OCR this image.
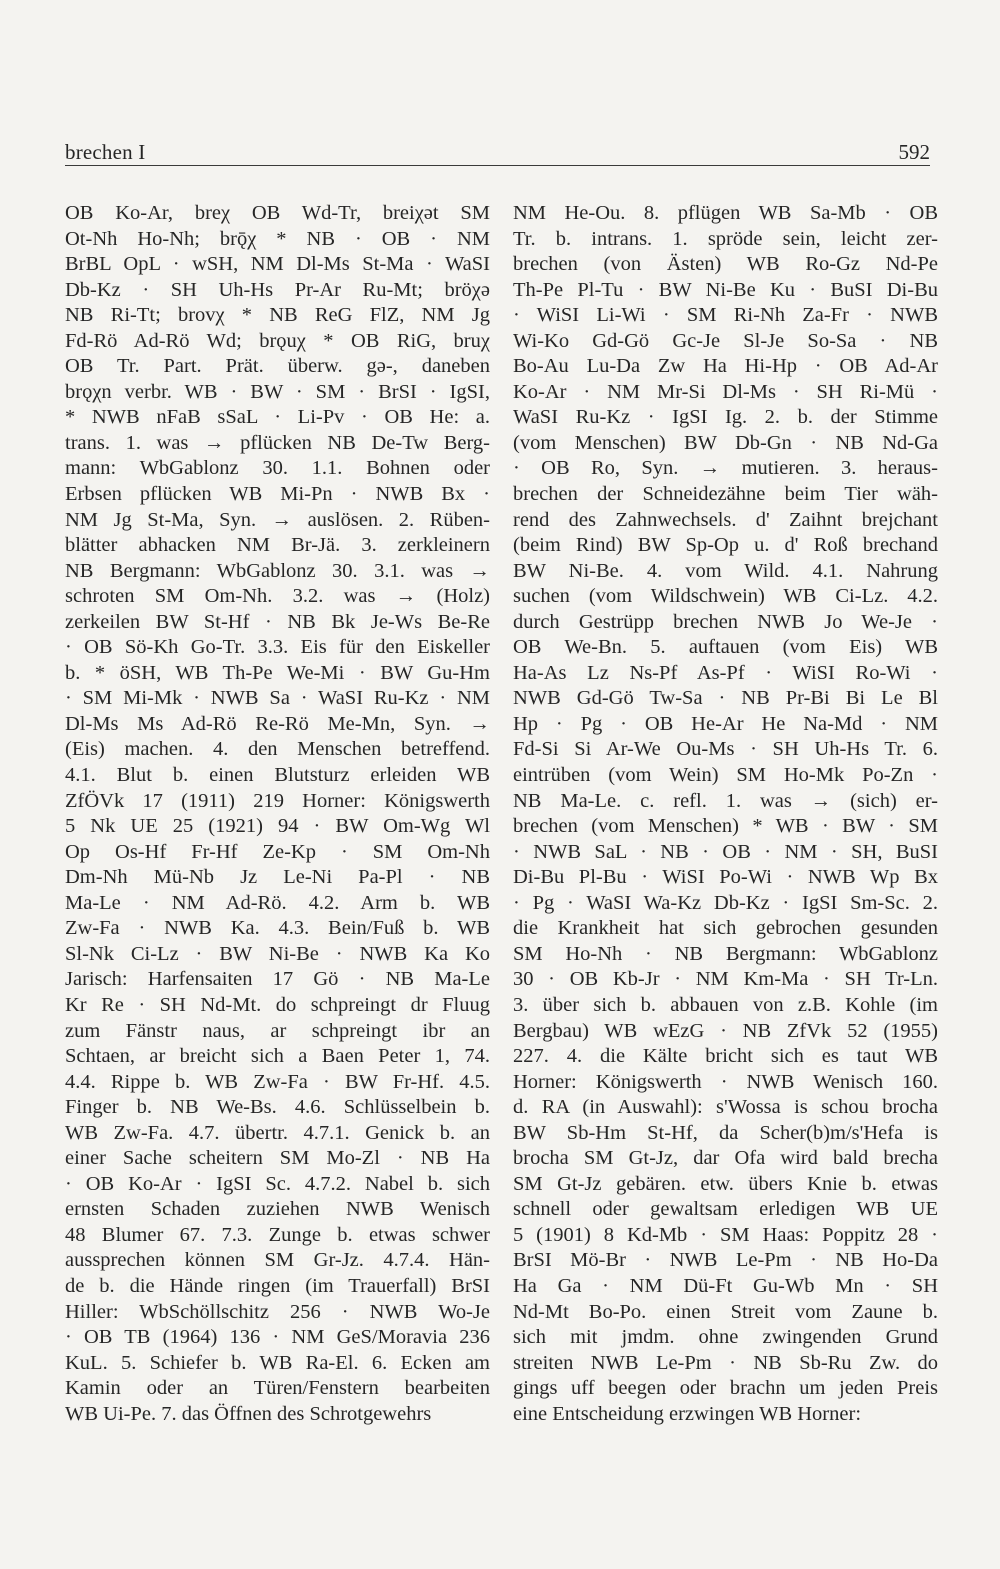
brechen I	592
OB Ko-Ar, breχ OB Wd-Tr, breiχət SM
Ot-Nh Ho-Nh; brǭχ * NB · OB · NM
BrBL OpL · wSH, NM Dl-Ms St-Ma · WaSI
Db-Kz · SH Uh-Hs Pr-Ar Ru-Mt; bröχə
NB Ri-Tt; brovχ * NB ReG FlZ, NM Jg
Fd-Rö Ad-Rö Wd; brǫuχ * OB RiG, bruχ
OB Tr. Part. Prät. überw. gə-, daneben
brǫχn verbr. WB · BW · SM · BrSI · IgSI,
* NWB nFaB sSaL · Li-Pv · OB He: a.
trans. 1. was → pflücken NB De-Tw Berg-
mann: WbGablonz 30. 1.1. Bohnen oder
Erbsen pflücken WB Mi-Pn · NWB Bx ·
NM Jg St-Ma, Syn. → auslösen. 2. Rüben-
blätter abhacken NM Br-Jä. 3. zerkleinern
NB Bergmann: WbGablonz 30. 3.1. was →
schroten SM Om-Nh. 3.2. was → (Holz)
zerkeilen BW St-Hf · NB Bk Je-Ws Be-Re
· OB Sö-Kh Go-Tr. 3.3. Eis für den Eiskeller
b. * öSH, WB Th-Pe We-Mi · BW Gu-Hm
· SM Mi-Mk · NWB Sa · WaSI Ru-Kz · NM
Dl-Ms Ms Ad-Rö Re-Rö Me-Mn, Syn. →
(Eis) machen. 4. den Menschen betreffend.
4.1. Blut b. einen Blutsturz erleiden WB
ZfÖVk 17 (1911) 219 Horner: Königswerth
5 Nk UE 25 (1921) 94 · BW Om-Wg Wl
Op Os-Hf Fr-Hf Ze-Kp · SM Om-Nh
Dm-Nh Mü-Nb Jz Le-Ni Pa-Pl · NB
Ma-Le · NM Ad-Rö. 4.2. Arm b. WB
Zw-Fa · NWB Ka. 4.3. Bein/Fuß b. WB
Sl-Nk Ci-Lz · BW Ni-Be · NWB Ka Ko
Jarisch: Harfensaiten 17 Gö · NB Ma-Le
Kr Re · SH Nd-Mt. do schpreingt dr Fluug
zum Fänstr naus, ar schpreingt ibr an
Schtaen, ar breicht sich a Baen Peter 1, 74.
4.4. Rippe b. WB Zw-Fa · BW Fr-Hf. 4.5.
Finger b. NB We-Bs. 4.6. Schlüsselbein b.
WB Zw-Fa. 4.7. übertr. 4.7.1. Genick b. an
einer Sache scheitern SM Mo-Zl · NB Ha
· OB Ko-Ar · IgSI Sc. 4.7.2. Nabel b. sich
ernsten Schaden zuziehen NWB Wenisch
48 Blumer 67. 7.3. Zunge b. etwas schwer
aussprechen können SM Gr-Jz. 4.7.4. Hän-
de b. die Hände ringen (im Trauerfall) BrSI
Hiller: WbSchöllschitz 256 · NWB Wo-Je
· OB TB (1964) 136 · NM GeS/Moravia 236
KuL. 5. Schiefer b. WB Ra-El. 6. Ecken am
Kamin oder an Türen/Fenstern bearbeiten
WB Ui-Pe. 7. das Öffnen des Schrotgewehrs
NM He-Ou. 8. pflügen WB Sa-Mb · OB
Tr. b. intrans. 1. spröde sein, leicht zer-
brechen (von Ästen) WB Ro-Gz Nd-Pe
Th-Pe Pl-Tu · BW Ni-Be Ku · BuSI Di-Bu
· WiSI Li-Wi · SM Ri-Nh Za-Fr · NWB
Wi-Ko Gd-Gö Gc-Je Sl-Je So-Sa · NB
Bo-Au Lu-Da Zw Ha Hi-Hp · OB Ad-Ar
Ko-Ar · NM Mr-Si Dl-Ms · SH Ri-Mü ·
WaSI Ru-Kz · IgSI Ig. 2. b. der Stimme
(vom Menschen) BW Db-Gn · NB Nd-Ga
· OB Ro, Syn. → mutieren. 3. heraus-
brechen der Schneidezähne beim Tier wäh-
rend des Zahnwechsels. d' Zaihnt brejchant
(beim Rind) BW Sp-Op u. d' Roß brechand
BW Ni-Be. 4. vom Wild. 4.1. Nahrung
suchen (vom Wildschwein) WB Ci-Lz. 4.2.
durch Gestrüpp brechen NWB Jo We-Je ·
OB We-Bn. 5. auftauen (vom Eis) WB
Ha-As Lz Ns-Pf As-Pf · WiSI Ro-Wi ·
NWB Gd-Gö Tw-Sa · NB Pr-Bi Bi Le Bl
Hp · Pg · OB He-Ar He Na-Md · NM
Fd-Si Si Ar-We Ou-Ms · SH Uh-Hs Tr. 6.
eintrüben (vom Wein) SM Ho-Mk Po-Zn ·
NB Ma-Le. c. refl. 1. was → (sich) er-
brechen (vom Menschen) * WB · BW · SM
· NWB SaL · NB · OB · NM · SH, BuSI
Di-Bu Pl-Bu · WiSI Po-Wi · NWB Wp Bx
· Pg · WaSI Wa-Kz Db-Kz · IgSI Sm-Sc. 2.
die Krankheit hat sich gebrochen gesunden
SM Ho-Nh · NB Bergmann: WbGablonz
30 · OB Kb-Jr · NM Km-Ma · SH Tr-Ln.
3. über sich b. abbauen von z.B. Kohle (im
Bergbau) WB wEzG · NB ZfVk 52 (1955)
227. 4. die Kälte bricht sich es taut WB
Horner: Königswerth · NWB Wenisch 160.
d. RA (in Auswahl): s'Wossa is schou brocha
BW Sb-Hm St-Hf, da Scher(b)m/s'Hefa is
brocha SM Gt-Jz, dar Ofa wird bald brecha
SM Gt-Jz gebären. etw. übers Knie b. etwas
schnell oder gewaltsam erledigen WB UE
5 (1901) 8 Kd-Mb · SM Haas: Poppitz 28 ·
BrSI Mö-Br · NWB Le-Pm · NB Ho-Da
Ha Ga · NM Dü-Ft Gu-Wb Mn · SH
Nd-Mt Bo-Po. einen Streit vom Zaune b.
sich mit jmdm. ohne zwingenden Grund
streiten NWB Le-Pm · NB Sb-Ru Zw. do
gings uff beegen oder brachn um jeden Preis
eine Entscheidung erzwingen WB Horner:
